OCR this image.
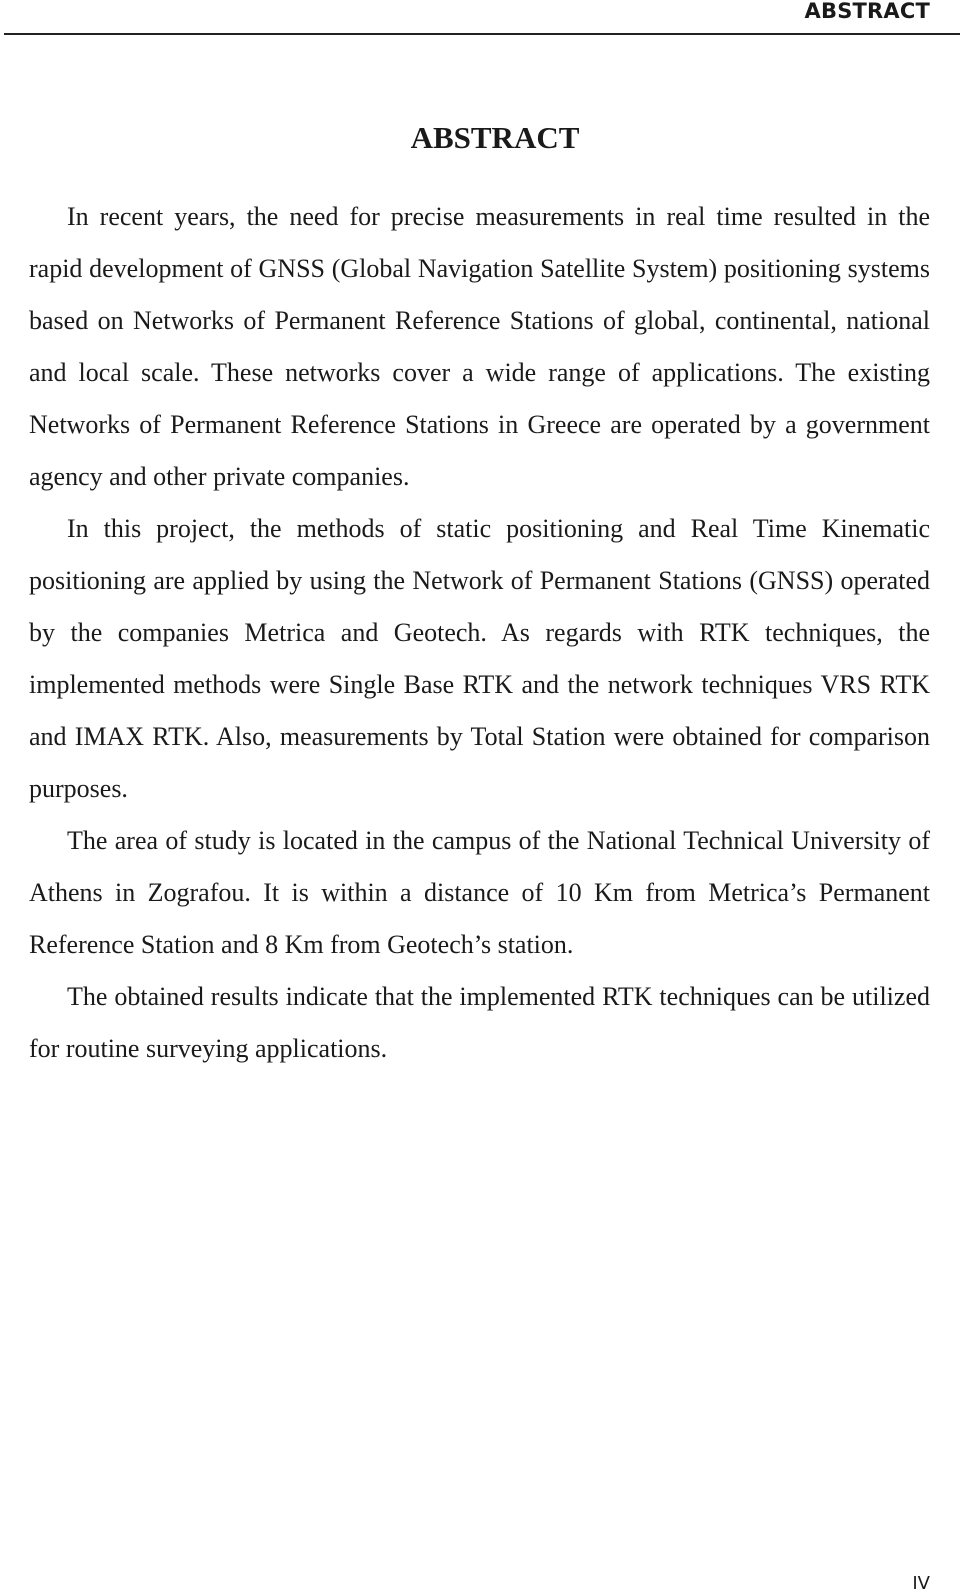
ABSTRACT
ABSTRACT

In recent years, the need for precise measurements in real time resulted in the rapid development of GNSS (Global Navigation Satellite System) positioning systems based on Networks of Permanent Reference Stations of global, continental, national and local scale. These networks cover a wide range of applications. The existing Networks of Permanent Reference Stations in Greece are operated by a government agency and other private companies.

In this project, the methods of static positioning and Real Time Kinematic positioning are applied by using the Network of Permanent Stations (GNSS) operated by the companies Metrica and Geotech. As regards with RTK techniques, the implemented methods were Single Base RTK and the network techniques VRS RTK and IMAX RTK. Also, measurements by Total Station were obtained for comparison purposes.

The area of study is located in the campus of the National Technical University of Athens in Zografou. It is within a distance of 10 Km from Metrica’s Permanent Reference Station and 8 Km from Geotech’s station.

The obtained results indicate that the implemented RTK techniques can be utilized for routine surveying applications.

IV
